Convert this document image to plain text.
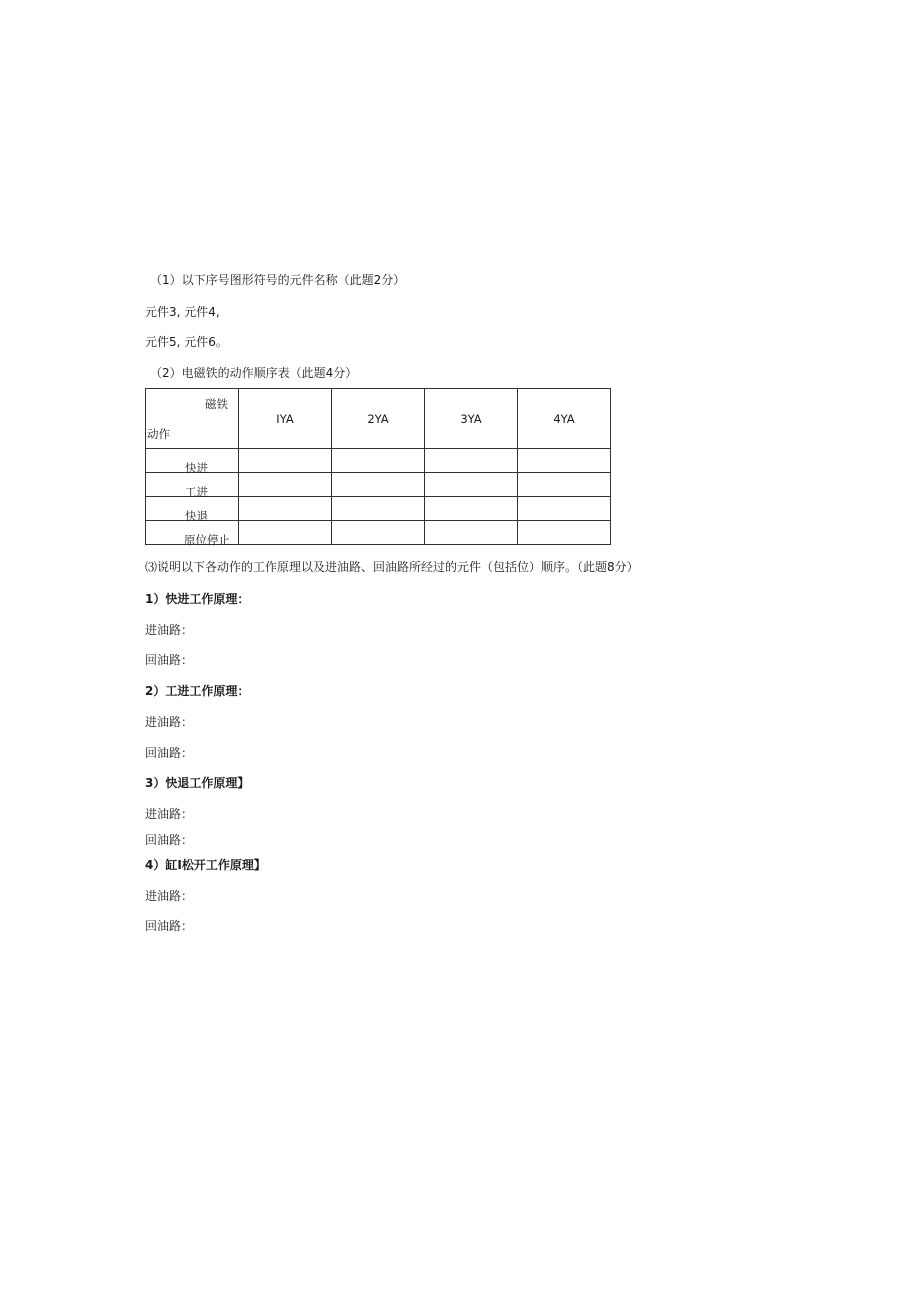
（1）以下序号图形符号的元件名称（此题2分）
元件3, 元件4,
元件5, 元件6。
（2）电磁铁的动作顺序表（此题4分）
磁铁
动作	IYA	2YA	3YA	4YA
快进				
工进				
快退				
原位停止				
⑶说明以下各动作的工作原理以及进油路、回油路所经过的元件（包括位）顺序。（此题8分）
1）快进工作原理：
进油路：
回油路：
2）工进工作原理：
进油路：
回油路：
3）快退工作原理】
进油路：
回油路：
4）缸I松开工作原理】
进油路：
回油路：
